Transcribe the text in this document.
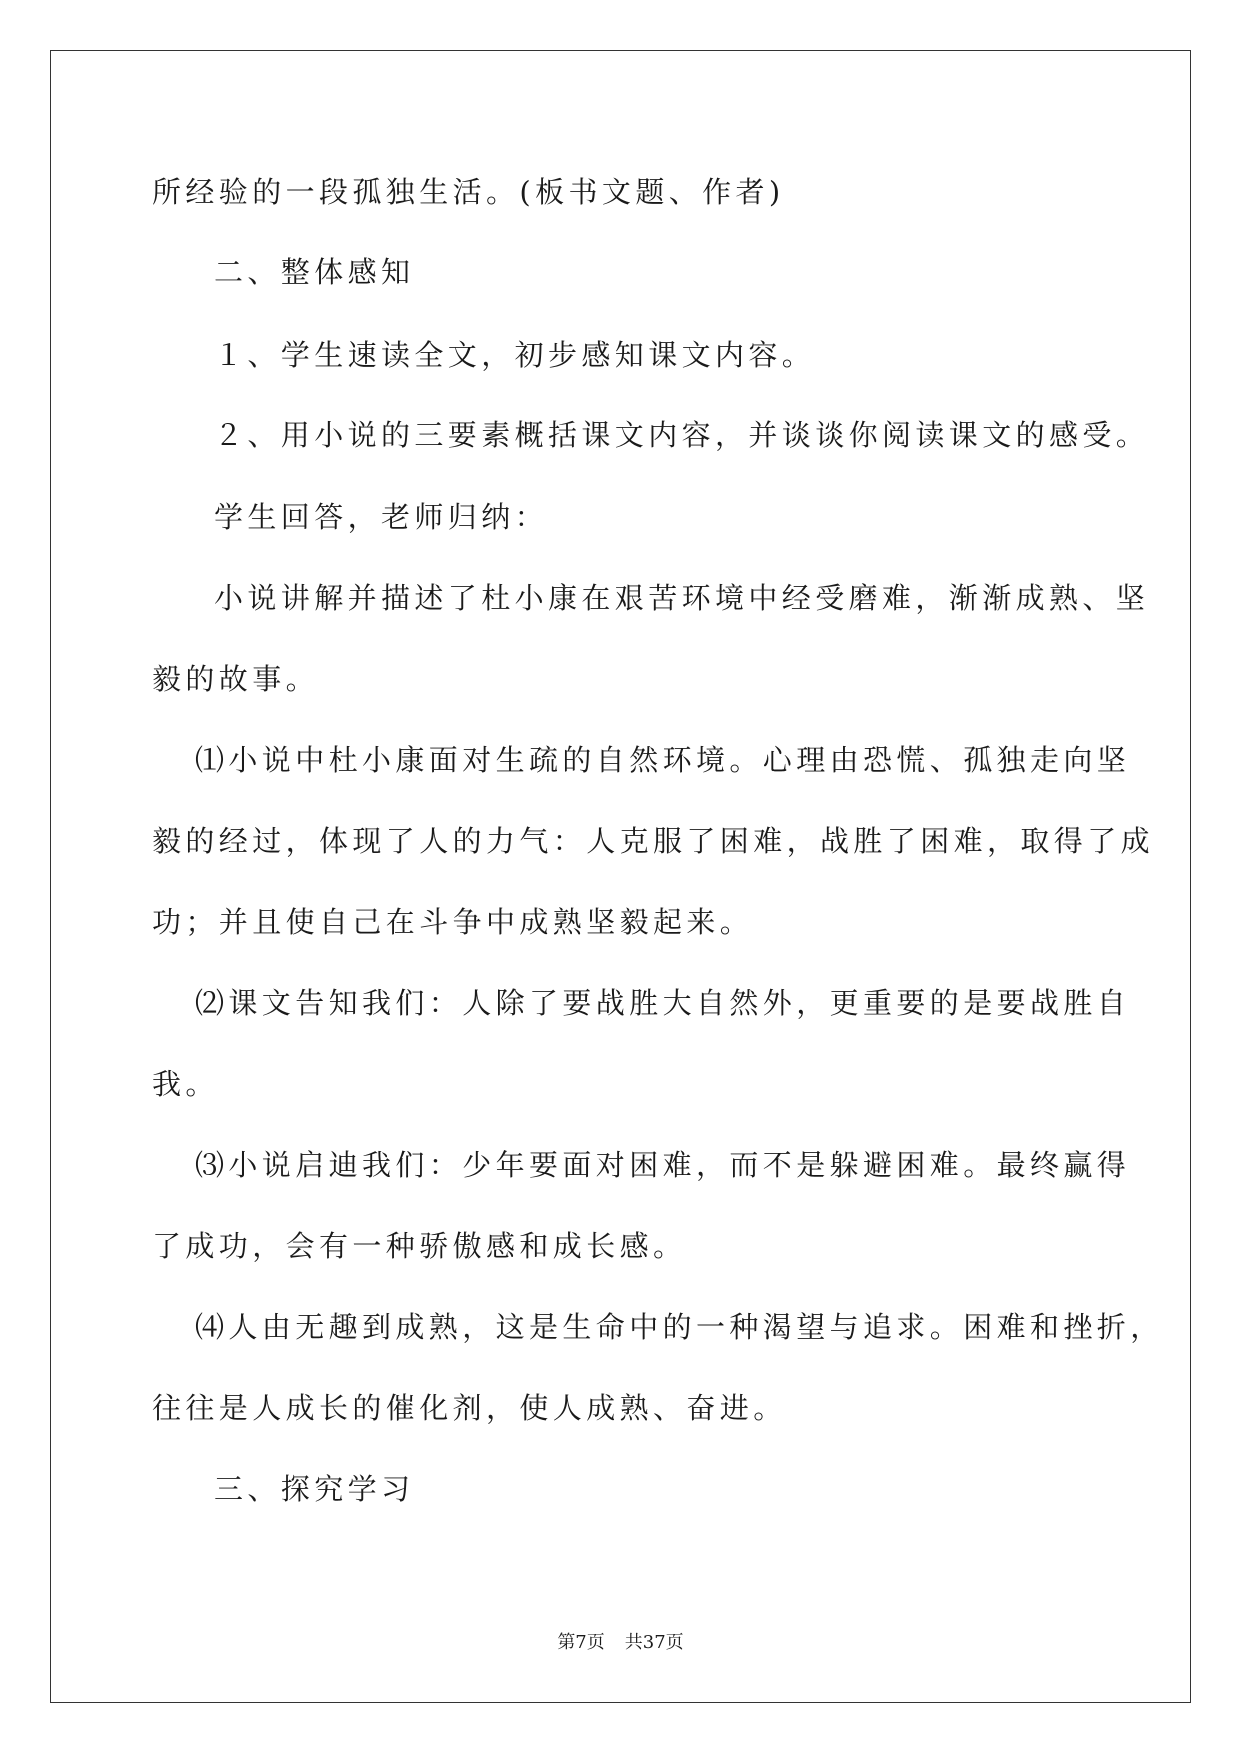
所经验的一段孤独生活。(板书文题、作者)
二、整体感知
１、学生速读全文，初步感知课文内容。
２、用小说的三要素概括课文内容，并谈谈你阅读课文的感受。
学生回答，老师归纳：
小说讲解并描述了杜小康在艰苦环境中经受磨难，渐渐成熟、坚
毅的故事。
⑴小说中杜小康面对生疏的自然环境。心理由恐慌、孤独走向坚
毅的经过，体现了人的力气：人克服了困难，战胜了困难，取得了成
功；并且使自己在斗争中成熟坚毅起来。
⑵课文告知我们：人除了要战胜大自然外，更重要的是要战胜自
我。
⑶小说启迪我们：少年要面对困难，而不是躲避困难。最终赢得
了成功，会有一种骄傲感和成长感。
⑷人由无趣到成熟，这是生命中的一种渴望与追求。困难和挫折，
往往是人成长的催化剂，使人成熟、奋进。
三、探究学习
第7页 共37页
